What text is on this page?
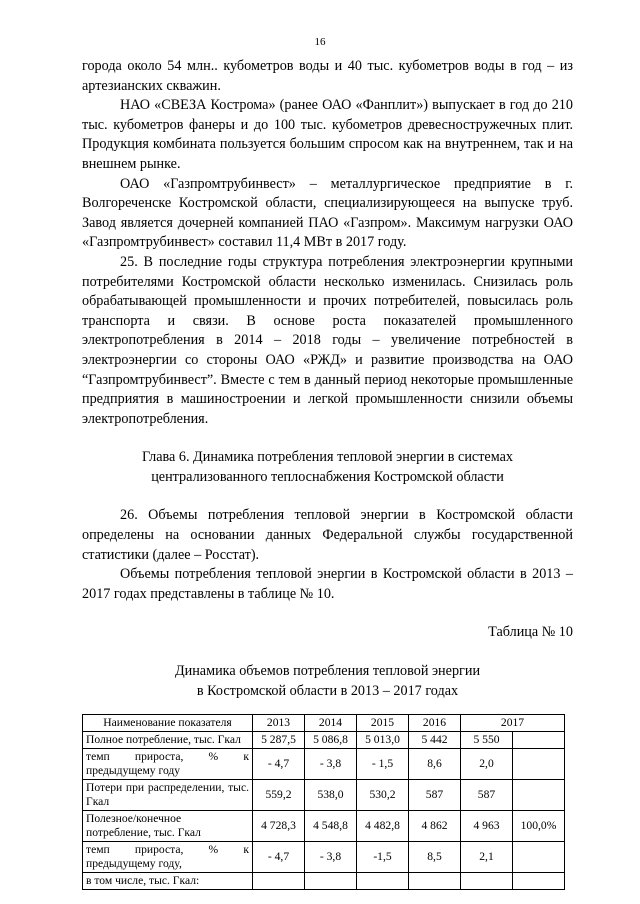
16

города около 54 млн.. кубометров воды и 40 тыс. кубометров воды в год – из артезианских скважин.

НАО «СВЕЗА Кострома» (ранее ОАО «Фанплит») выпускает в год до 210 тыс. кубометров фанеры и до 100 тыс. кубометров древесностружечных плит. Продукция комбината пользуется большим спросом как на внутреннем, так и на внешнем рынке.

ОАО «Газпромтрубинвест» – металлургическое предприятие в г. Волгореченске Костромской области, специализирующееся на выпуске труб. Завод является дочерней компанией ПАО «Газпром». Максимум нагрузки ОАО «Газпромтрубинвест» составил 11,4 МВт в 2017 году.

25. В последние годы структура потребления электроэнергии крупными потребителями Костромской области несколько изменилась. Снизилась роль обрабатывающей промышленности и прочих потребителей, повысилась роль транспорта и связи. В основе роста показателей промышленного электропотребления в 2014 – 2018 годы – увеличение потребностей в электроэнергии со стороны ОАО «РЖД» и развитие производства на ОАО “Газпромтрубинвест”. Вместе с тем в данный период некоторые промышленные предприятия в машиностроении и легкой промышленности снизили объемы электропотребления.

Глава 6. Динамика потребления тепловой энергии в системах
централизованного теплоснабжения Костромской области

26. Объемы потребления тепловой энергии в Костромской области определены на основании данных Федеральной службы государственной статистики (далее – Росстат).

Объемы потребления тепловой энергии в Костромской области в 2013 – 2017 годах представлены в таблице № 10.

Таблица № 10

Динамика объемов потребления тепловой энергии
в Костромской области в 2013 – 2017 годах

Наименование показателя	2013	2014	2015	2016	2017	
Полное потребление, тыс. Гкал	5 287,5	5 086,8	5 013,0	5 442	5 550	
темп прироста, % к предыдущему году	- 4,7	- 3,8	- 1,5	8,6	2,0	
Потери при распределении, тыс. Гкал	559,2	538,0	530,2	587	587	
Полезное/конечное потребление, тыс. Гкал	4 728,3	4 548,8	4 482,8	4 862	4 963	100,0%
темп прироста, % к предыдущему году,	- 4,7	- 3,8	-1,5	8,5	2,1	
в том числе, тыс. Гкал:						
